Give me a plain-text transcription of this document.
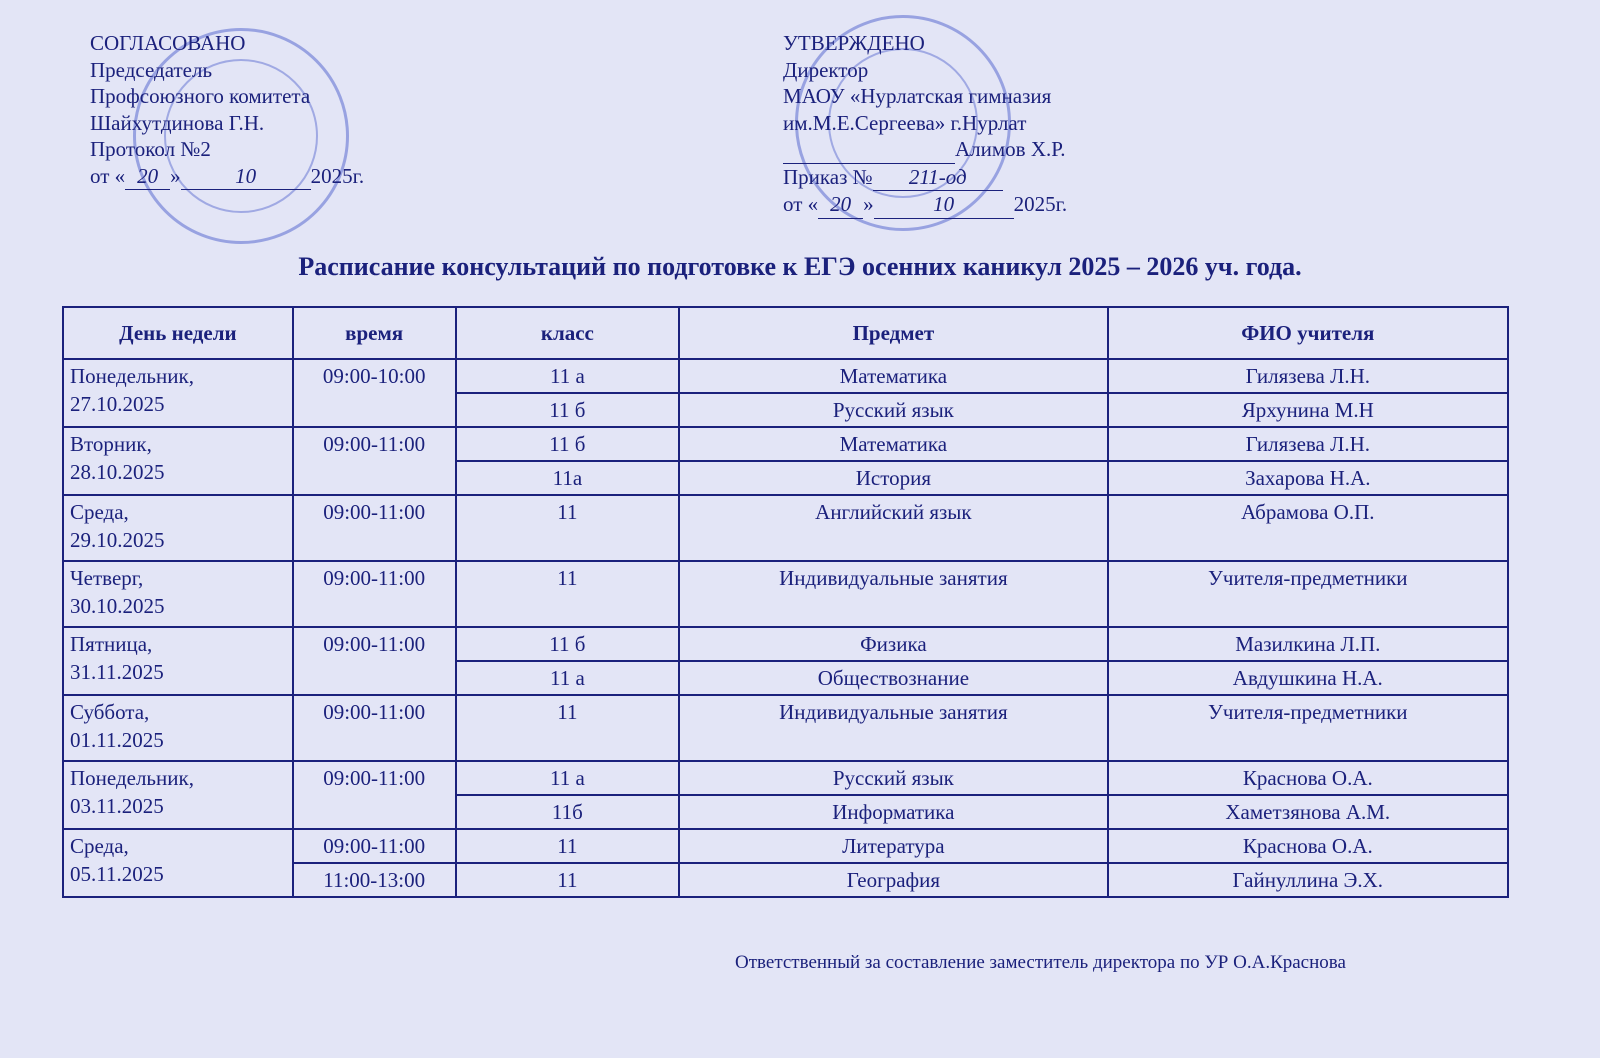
СОГЛАСОВАНО
Председатель
Профсоюзного комитета
Шайхутдинова Г.Н.
Протокол №2
от « 20 »	10	2025г.
УТВЕРЖДЕНО
Директор
МАОУ «Нурлатская гимназия
им.М.Е.Сергеева» г.Нурлат
Алимов Х.Р.
Приказ № 211-од
от « 20 »	10	2025г.
Расписание консультаций по подготовке к ЕГЭ осенних каникул 2025 – 2026 уч. года.
День недели	время	класс	Предмет	ФИО учителя

Понедельник,
27.10.2025	09:00-10:00	11 а	Математика	Гилязева Л.Н.
		11 б	Русский язык	Ярхунина М.Н

Вторник,
28.10.2025	09:00-11:00	11 б	Математика	Гилязева Л.Н.
		11а	История	Захарова Н.А.

Среда,
29.10.2025	09:00-11:00	11	Английский язык	Абрамова О.П.

Четверг,
30.10.2025	09:00-11:00	11	Индивидуальные занятия	Учителя-предметники

Пятница,
31.11.2025	09:00-11:00	11 б	Физика	Мазилкина Л.П.
		11 а	Обществознание	Авдушкина Н.А.

Суббота,
01.11.2025	09:00-11:00	11	Индивидуальные занятия	Учителя-предметники

Понедельник,
03.11.2025	09:00-11:00	11 а	Русский язык	Краснова О.А.
		11б	Информатика	Хаметзянова А.М.

Среда,
05.11.2025	09:00-11:00	11	Литература	Краснова О.А.
	11:00-13:00	11	География	Гайнуллина Э.Х.
Ответственный за составление заместитель директора по УР О.А.Краснова
